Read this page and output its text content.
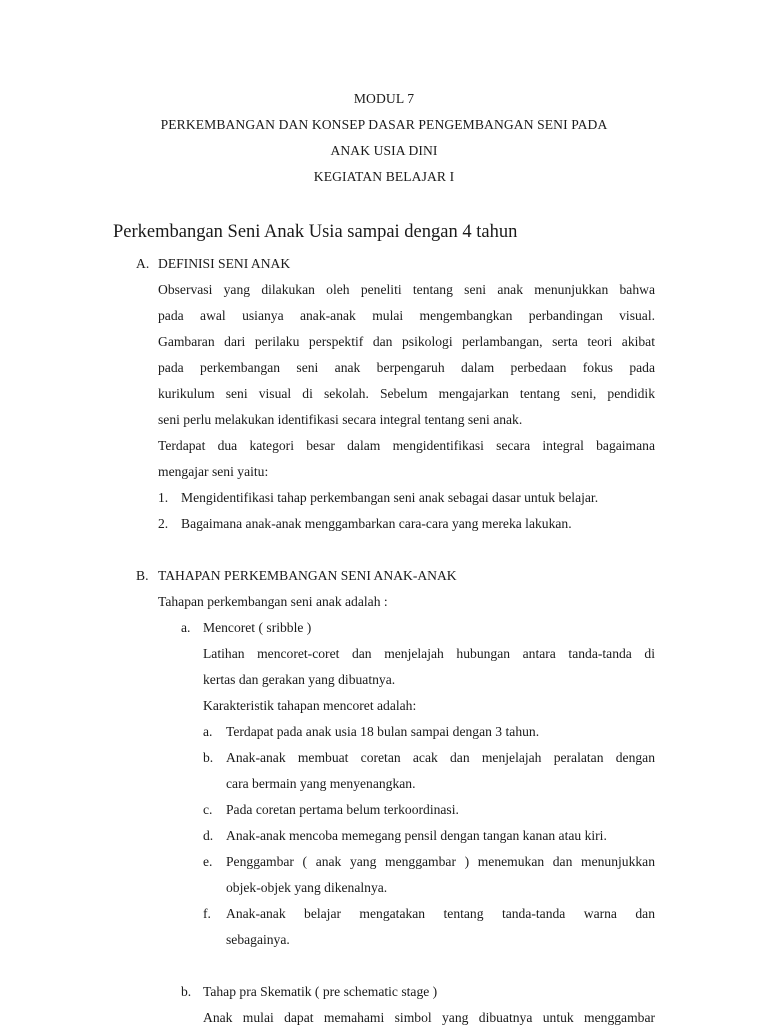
MODUL 7
PERKEMBANGAN DAN KONSEP DASAR PENGEMBANGAN SENI PADA
ANAK USIA DINI
KEGIATAN BELAJAR I
Perkembangan Seni Anak Usia sampai dengan 4 tahun
A. DEFINISI SENI ANAK
Observasi yang dilakukan oleh peneliti tentang seni anak menunjukkan bahwa
pada awal usianya anak-anak mulai mengembangkan perbandingan visual.
Gambaran dari perilaku perspektif dan psikologi perlambangan, serta teori akibat
pada perkembangan seni anak berpengaruh dalam perbedaan fokus pada
kurikulum seni visual di sekolah. Sebelum mengajarkan tentang seni, pendidik
seni perlu melakukan identifikasi secara integral tentang seni anak.
Terdapat dua kategori besar dalam mengidentifikasi secara integral bagaimana
mengajar seni yaitu:
1. Mengidentifikasi tahap perkembangan seni anak sebagai dasar untuk belajar.
2. Bagaimana anak-anak menggambarkan cara-cara yang mereka lakukan.
B. TAHAPAN PERKEMBANGAN SENI ANAK-ANAK
Tahapan perkembangan seni anak adalah :
a. Mencoret ( sribble )
Latihan mencoret-coret dan menjelajah hubungan antara tanda-tanda di
kertas dan gerakan yang dibuatnya.
Karakteristik tahapan mencoret adalah:
a. Terdapat pada anak usia 18 bulan sampai dengan 3 tahun.
b. Anak-anak membuat coretan acak dan menjelajah peralatan dengan
cara bermain yang menyenangkan.
c. Pada coretan pertama belum terkoordinasi.
d. Anak-anak mencoba memegang pensil dengan tangan kanan atau kiri.
e. Penggambar ( anak yang menggambar ) menemukan dan menunjukkan
objek-objek yang dikenalnya.
f. Anak-anak belajar mengatakan tentang tanda-tanda warna dan
sebagainya.
b. Tahap pra Skematik ( pre schematic stage )
Anak mulai dapat memahami simbol yang dibuatnya untuk menggambar
